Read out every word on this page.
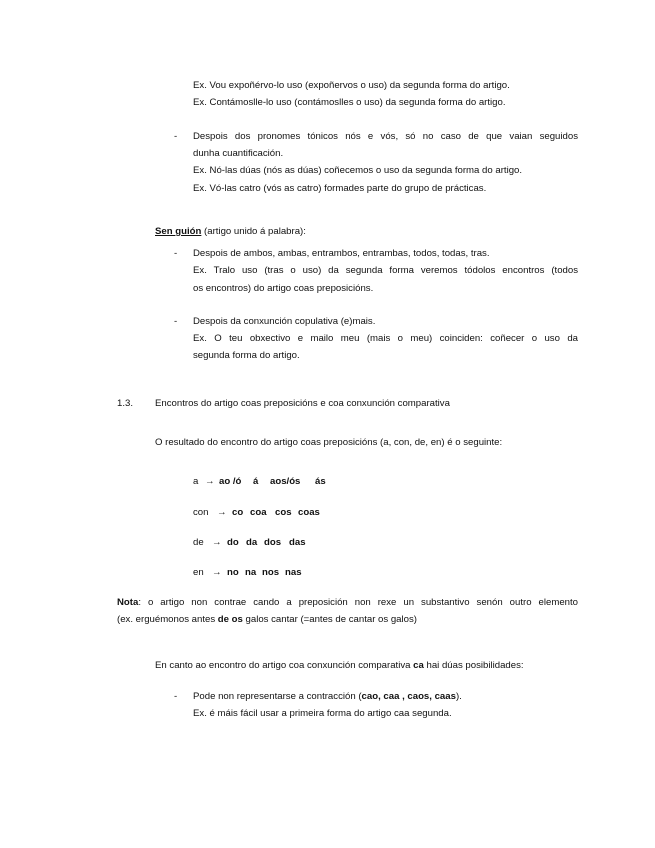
Ex. Vou expoñérvo-lo uso (expoñervos o uso) da segunda forma do artigo.

Ex. Contámoslle-lo uso (contámoslles o uso) da segunda forma do artigo.

- Despois dos pronomes tónicos nós e vós, só no caso de que vaian seguidos

dunha cuantificación.

Ex. Nó-las dúas (nós as dúas) coñecemos o uso da segunda forma do artigo.

Ex. Vó-las catro (vós as catro) formades parte do grupo de prácticas.

Sen guión (artigo unido á palabra):

- Despois de ambos, ambas, entrambos, entrambas, todos, todas, tras.

Ex. Tralo uso (tras o uso) da segunda forma veremos tódolos encontros (todos

os encontros) do artigo coas preposicións.

- Despois da conxunción copulativa (e)mais.

Ex. O teu obxectivo e mailo meu (mais o meu) coinciden: coñecer o uso da

segunda forma do artigo.

1.3. Encontros do artigo coas preposicións e coa conxunción comparativa

O resultado do encontro do artigo coas preposicións (a, con, de, en) é o seguinte:

a → ao /ó á aos/ós ás
con → co coa cos coas
de → do da dos das
en → no na nos nas

Nota: o artigo non contrae cando a preposición non rexe un substantivo senón outro elemento

(ex. erguémonos antes de os galos cantar (=antes de cantar os galos)

En canto ao encontro do artigo coa conxunción comparativa ca hai dúas posibilidades:

- Pode non representarse a contracción (cao, caa , caos, caas).

Ex. é máis fácil usar a primeira forma do artigo caa segunda.
